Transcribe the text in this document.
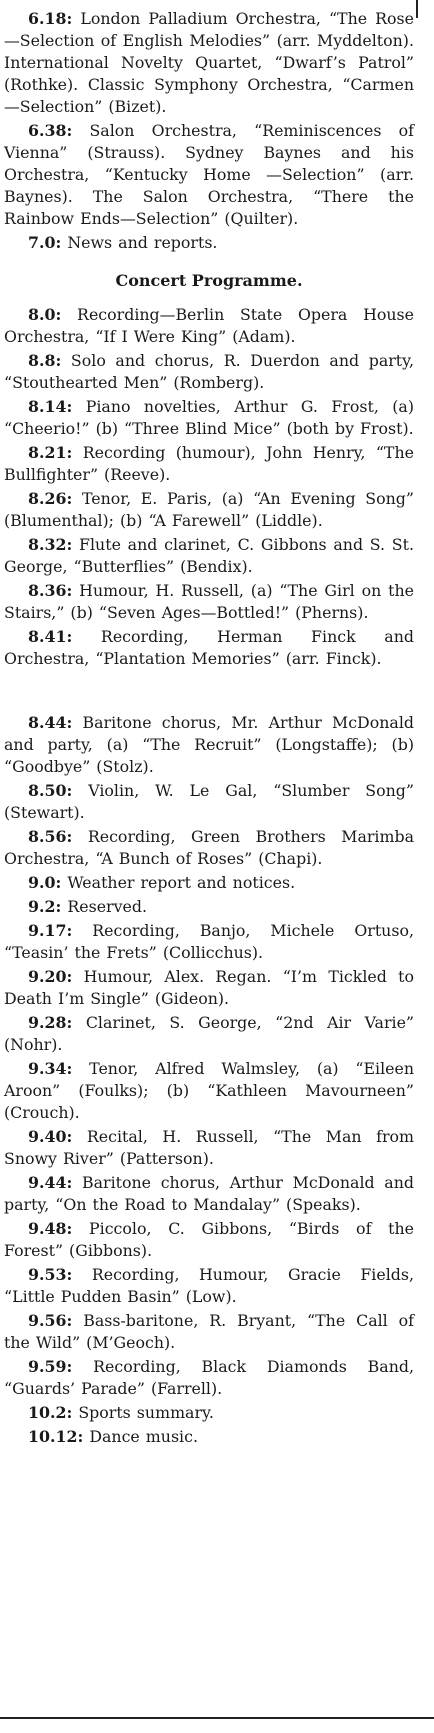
6.18: London Palladium Orchestra, “The Rose—Selection of English Melodies” (arr. Myddelton). International Novelty Quartet, “Dwarf’s Patrol” (Rothke). Classic Symphony Orchestra, “Carmen—Selection” (Bizet).

6.38: Salon Orchestra, “Reminiscences of Vienna” (Strauss). Sydney Baynes and his Orchestra, “Kentucky Home —Selection” (arr. Baynes). The Salon Orchestra, “There the Rainbow Ends—Selection” (Quilter).

7.0: News and reports.

Concert Programme.

8.0: Recording—Berlin State Opera House Orchestra, “If I Were King” (Adam).

8.8: Solo and chorus, R. Duerdon and party, “Stouthearted Men” (Romberg).

8.14: Piano novelties, Arthur G. Frost, (a) “Cheerio!” (b) “Three Blind Mice” (both by Frost).

8.21: Recording (humour), John Henry, “The Bullfighter” (Reeve).

8.26: Tenor, E. Paris, (a) “An Evening Song” (Blumenthal); (b) “A Farewell” (Liddle).

8.32: Flute and clarinet, C. Gibbons and S. St. George, “Butterflies” (Bendix).

8.36: Humour, H. Russell, (a) “The Girl on the Stairs,” (b) “Seven Ages—Bottled!” (Pherns).

8.41: Recording, Herman Finck and Orchestra, “Plantation Memories” (arr. Finck).

8.44: Baritone chorus, Mr. Arthur McDonald and party, (a) “The Recruit” (Longstaffe); (b) “Goodbye” (Stolz).

8.50: Violin, W. Le Gal, “Slumber Song” (Stewart).

8.56: Recording, Green Brothers Marimba Orchestra, “A Bunch of Roses” (Chapi).

9.0: Weather report and notices.

9.2: Reserved.

9.17: Recording, Banjo, Michele Ortuso, “Teasin’ the Frets” (Collicchus).

9.20: Humour, Alex. Regan. “I’m Tickled to Death I’m Single” (Gideon).

9.28: Clarinet, S. George, “2nd Air Varie” (Nohr).

9.34: Tenor, Alfred Walmsley, (a) “Eileen Aroon” (Foulks); (b) “Kathleen Mavourneen” (Crouch).

9.40: Recital, H. Russell, “The Man from Snowy River” (Patterson).

9.44: Baritone chorus, Arthur McDonald and party, “On the Road to Mandalay” (Speaks).

9.48: Piccolo, C. Gibbons, “Birds of the Forest” (Gibbons).

9.53: Recording, Humour, Gracie Fields, “Little Pudden Basin” (Low).

9.56: Bass-baritone, R. Bryant, “The Call of the Wild” (M’Geoch).

9.59: Recording, Black Diamonds Band, “Guards’ Parade” (Farrell).

10.2: Sports summary.

10.12: Dance music.
